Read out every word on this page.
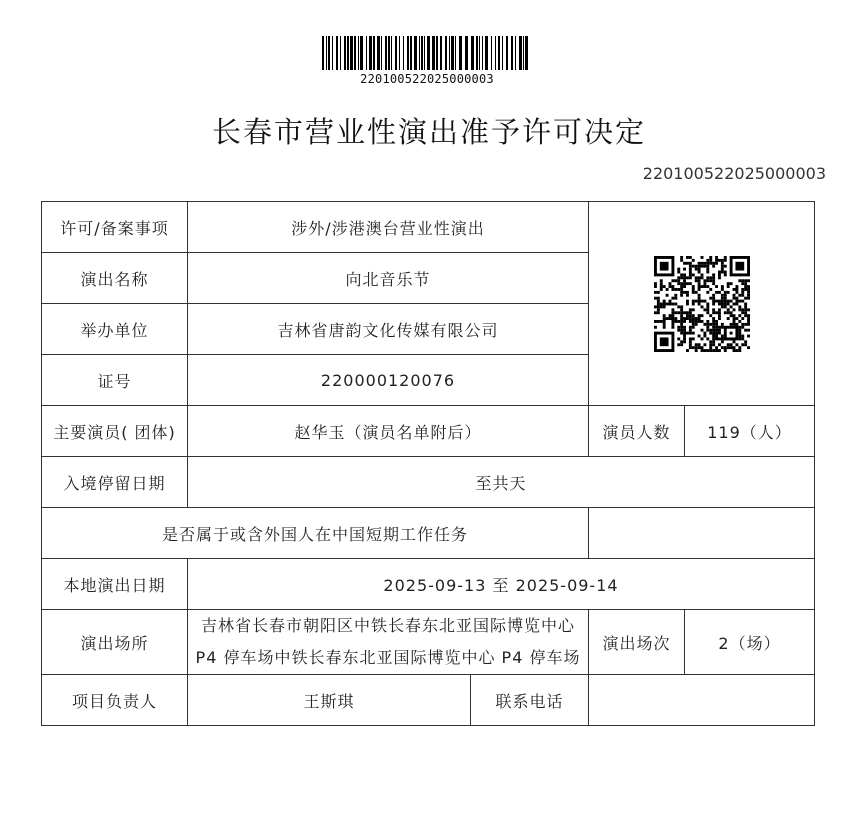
220100522025000003
长春市营业性演出准予许可决定
220100522025000003
许可/备案事项	涉外/涉港澳台营业性演出	

演出名称	向北音乐节			
举办单位	吉林省唐韵文化传媒有限公司			
证号	220000120076			
主要演员( 团体)	赵华玉（演员名单附后）		演员人数	119（人）
入境停留日期	至共天			
是否属于或含外国人在中国短期工作任务				
本地演出日期	2025-09-13 至 2025-09-14			
演出场所	吉林省长春市朝阳区中铁长春东北亚国际博览中心 P4 停车场中铁长春东北亚国际博览中心 P4 停车场		演出场次	2（场）
项目负责人	王斯琪	联系电话		
